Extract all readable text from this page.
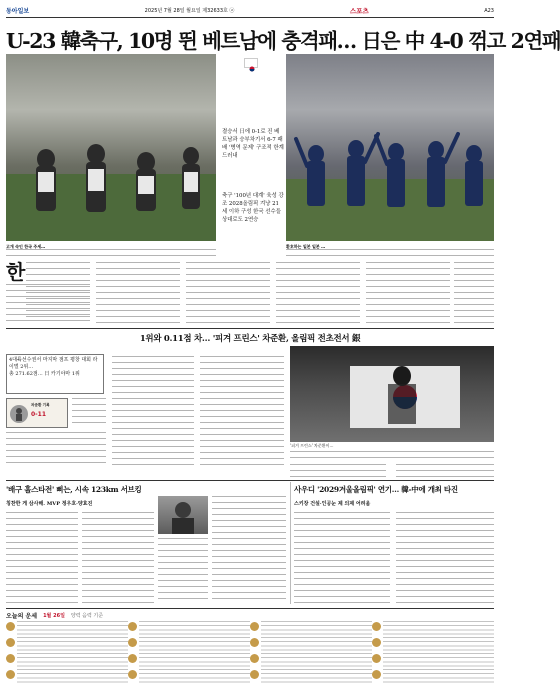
동아일보	2025년 7월 28일 월요일 제32633호 ⓐ	스포츠	A23
U-23 韓축구, 10명 뛴 베트남에 충격패… 日은 中 4-0 꺾고 2연패
고개 숙인 한국 주세…	환호하는 일본 일본 …
결승서 日에 0-1로 진 베트남과 승부차기서 6-7 패배 '병역 문제' 구조적 한계 드러내
축구 '100년 대계' 육성 강조 2028올림픽 겨냥 21세 이하 구성 한국 선수들 상대로도 2연승
한
1위와 0.11점 차… '피겨 프린스' 차준환, 올림픽 전초전서 銀
4대륙선수권서 마지막 점프 평창 대회 라이벌 2위…
총 271.62점… 日 카기야마 1위
차준환 기록
0-11
'피겨 프린스' 차준환이…
'배구 홀스타전' 삐는, 시속 123km 서브킹
칭찬한 게 삼사해. MVP 정우호·양효진
사우디 '2029겨울올림픽' 연기… 韓-中에 개최 타진
스키장 건설·인공눈 제 의제 어려움
오늘의 운세 1월 26일 양력 음력 기준
